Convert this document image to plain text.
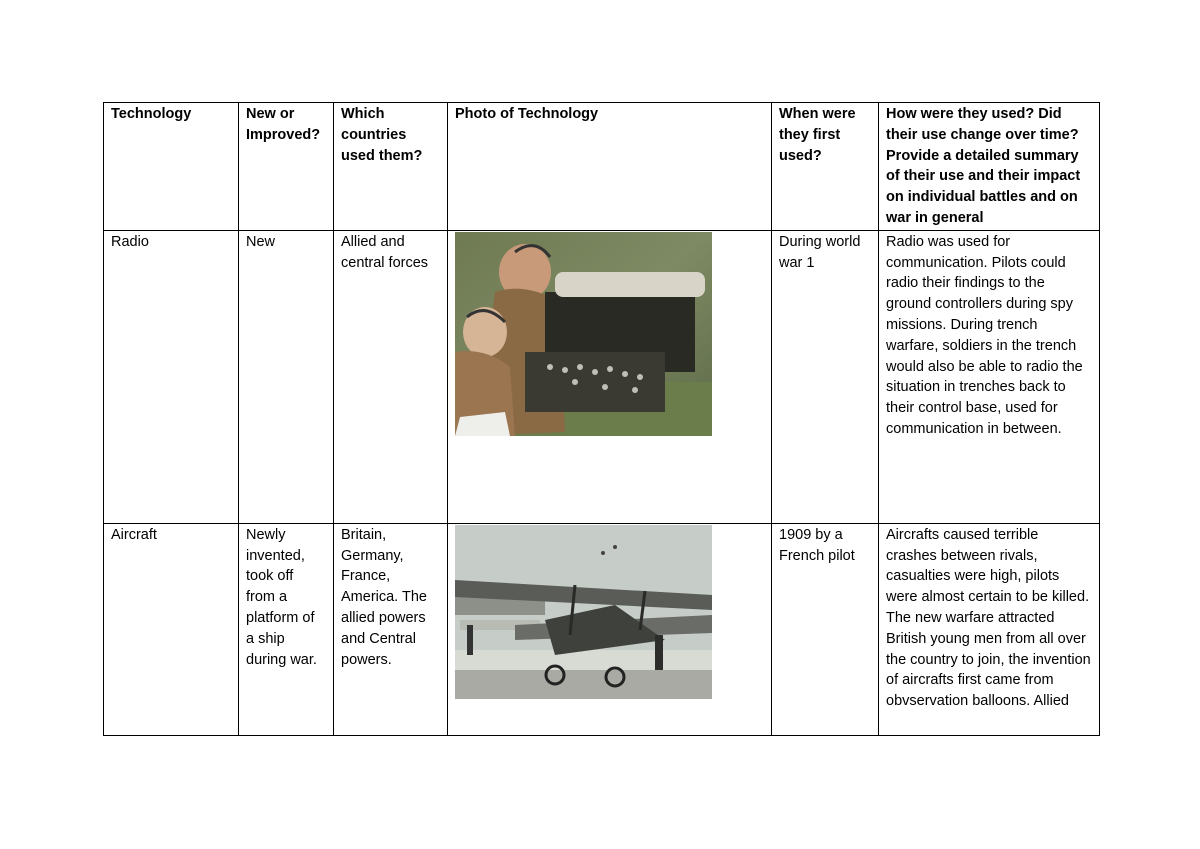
Technology	New or Improved?	Which countries used them?	Photo of Technology	When were they first used?	How were they used? Did their use change over time? Provide a detailed summary of their use and their impact on individual battles and on war in general
Radio	New	Allied and central forces		During world war 1	Radio was used for communication. Pilots could radio their findings to the ground controllers during spy missions. During trench warfare, soldiers in the trench would also be able to radio the situation in trenches back to their control base, used for communication in between.
Aircraft	Newly invented, took off from a platform of a ship during war.	Britain, Germany, France, America. The allied powers and Central powers.		1909 by a French pilot	Aircrafts caused terrible crashes between rivals, casualties were high, pilots were almost certain to be killed. The new warfare attracted British young men from all over the country to join, the invention of aircrafts first came from obvservation balloons. Allied
